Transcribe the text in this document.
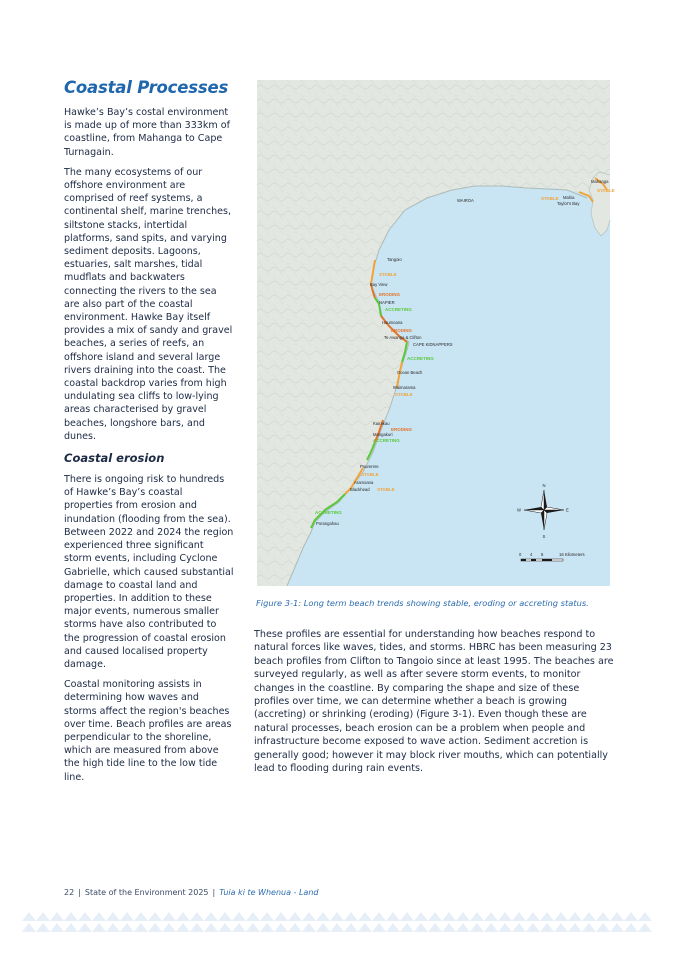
Coastal Processes

Hawke’s Bay’s costal environment is made up of more than 333km of coastline, from Mahanga to Cape Turnagain.

The many ecosystems of our offshore environment are comprised of reef systems, a continental shelf, marine trenches, siltstone stacks, intertidal platforms, sand spits, and varying sediment deposits. Lagoons, estuaries, salt marshes, tidal mudflats and backwaters connecting the rivers to the sea are also part of the coastal environment. Hawke Bay itself provides a mix of sandy and gravel beaches, a series of reefs, an offshore island and several large rivers draining into the coast. The coastal backdrop varies from high undulating sea cliffs to low-lying areas characterised by gravel beaches, longshore bars, and dunes.

Coastal erosion

There is ongoing risk to hundreds of Hawke’s Bay’s coastal properties from erosion and inundation (flooding from the sea). Between 2022 and 2024 the region experienced three significant storm events, including Cyclone Gabrielle, which caused substantial damage to coastal land and properties. In addition to these major events, numerous smaller storms have also contributed to the progression of coastal erosion and caused localised property damage.

Coastal monitoring assists in determining how waves and storms affect the region's beaches over time. Beach profiles are areas perpendicular to the shoreline, which are measured from above the high tide line to the low tide line.

Mahanga
Mahia
Taylor's Bay
WAIROA
Tangoio
Bay View
NAPIER
Haumoana
Te Awanga & Clifton
CAPE KIDNAPPERS
Ocean Beach
Waimarama
Kairakau
Mangakuri
Pourerere
Aramoana
Blackhead
Porangahau
STABLE
STABLE
STABLE
ERODING
ACCRETING
ERODING
ACCRETING
STABLE
ERODING
ACCRETING
STABLE
STABLE
ACCRETING
N
S
E
W
0 4 8	16 Kilometers
Figure 3-1: Long term beach trends showing stable, eroding or accreting status.
These profiles are essential for understanding how beaches respond to natural forces like waves, tides, and storms. HBRC has been measuring 23 beach profiles from Clifton to Tangoio since at least 1995. The beaches are surveyed regularly, as well as after severe storm events, to monitor changes in the coastline. By comparing the shape and size of these profiles over time, we can determine whether a beach is growing (accreting) or shrinking (eroding) (Figure 3-1). Even though these are natural processes, beach erosion can be a problem when people and infrastructure become exposed to wave action. Sediment accretion is generally good; however it may block river mouths, which can potentially lead to flooding during rain events.
22 | State of the Environment 2025 | Tuia ki te Whenua - Land
